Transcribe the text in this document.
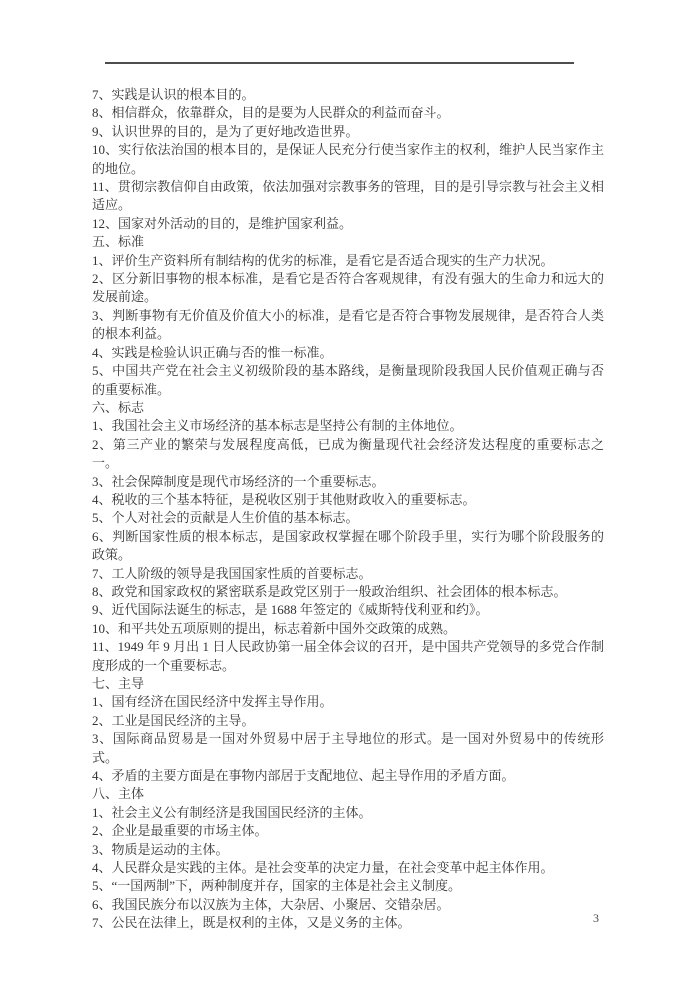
7、实践是认识的根本目的。

8、相信群众，依靠群众，目的是要为人民群众的利益而奋斗。

9、认识世界的目的，是为了更好地改造世界。

10、实行依法治国的根本目的，是保证人民充分行使当家作主的权利，维护人民当家作主的地位。

11、贯彻宗教信仰自由政策，依法加强对宗教事务的管理，目的是引导宗教与社会主义相适应。

12、国家对外活动的目的，是维护国家利益。

五、标准

1、评价生产资料所有制结构的优劣的标准，是看它是否适合现实的生产力状况。

2、区分新旧事物的根本标准，是看它是否符合客观规律，有没有强大的生命力和远大的发展前途。

3、判断事物有无价值及价值大小的标准，是看它是否符合事物发展规律，是否符合人类的根本利益。

4、实践是检验认识正确与否的惟一标准。

5、中国共产党在社会主义初级阶段的基本路线，是衡量现阶段我国人民价值观正确与否的重要标准。

六、标志

1、我国社会主义市场经济的基本标志是坚持公有制的主体地位。

2、第三产业的繁荣与发展程度高低，已成为衡量现代社会经济发达程度的重要标志之一。

3、社会保障制度是现代市场经济的一个重要标志。

4、税收的三个基本特征，是税收区别于其他财政收入的重要标志。

5、个人对社会的贡献是人生价值的基本标志。

6、判断国家性质的根本标志，是国家政权掌握在哪个阶段手里，实行为哪个阶段服务的政策。

7、工人阶级的领导是我国国家性质的首要标志。

8、政党和国家政权的紧密联系是政党区别于一般政治组织、社会团体的根本标志。

9、近代国际法诞生的标志，是 1688 年签定的《威斯特伐利亚和约》。

10、和平共处五项原则的提出，标志着新中国外交政策的成熟。

11、1949 年 9 月出 1 日人民政协第一届全体会议的召开，是中国共产党领导的多党合作制度形成的一个重要标志。

七、主导

1、国有经济在国民经济中发挥主导作用。

2、工业是国民经济的主导。

3、国际商品贸易是一国对外贸易中居于主导地位的形式。是一国对外贸易中的传统形式。

4、矛盾的主要方面是在事物内部居于支配地位、起主导作用的矛盾方面。

八、主体

1、社会主义公有制经济是我国国民经济的主体。

2、企业是最重要的市场主体。

3、物质是运动的主体。

4、人民群众是实践的主体。是社会变革的决定力量，在社会变革中起主体作用。

5、“一国两制”下，两种制度并存，国家的主体是社会主义制度。

6、我国民族分布以汉族为主体，大杂居、小聚居、交错杂居。

7、公民在法律上，既是权利的主体，又是义务的主体。	3
